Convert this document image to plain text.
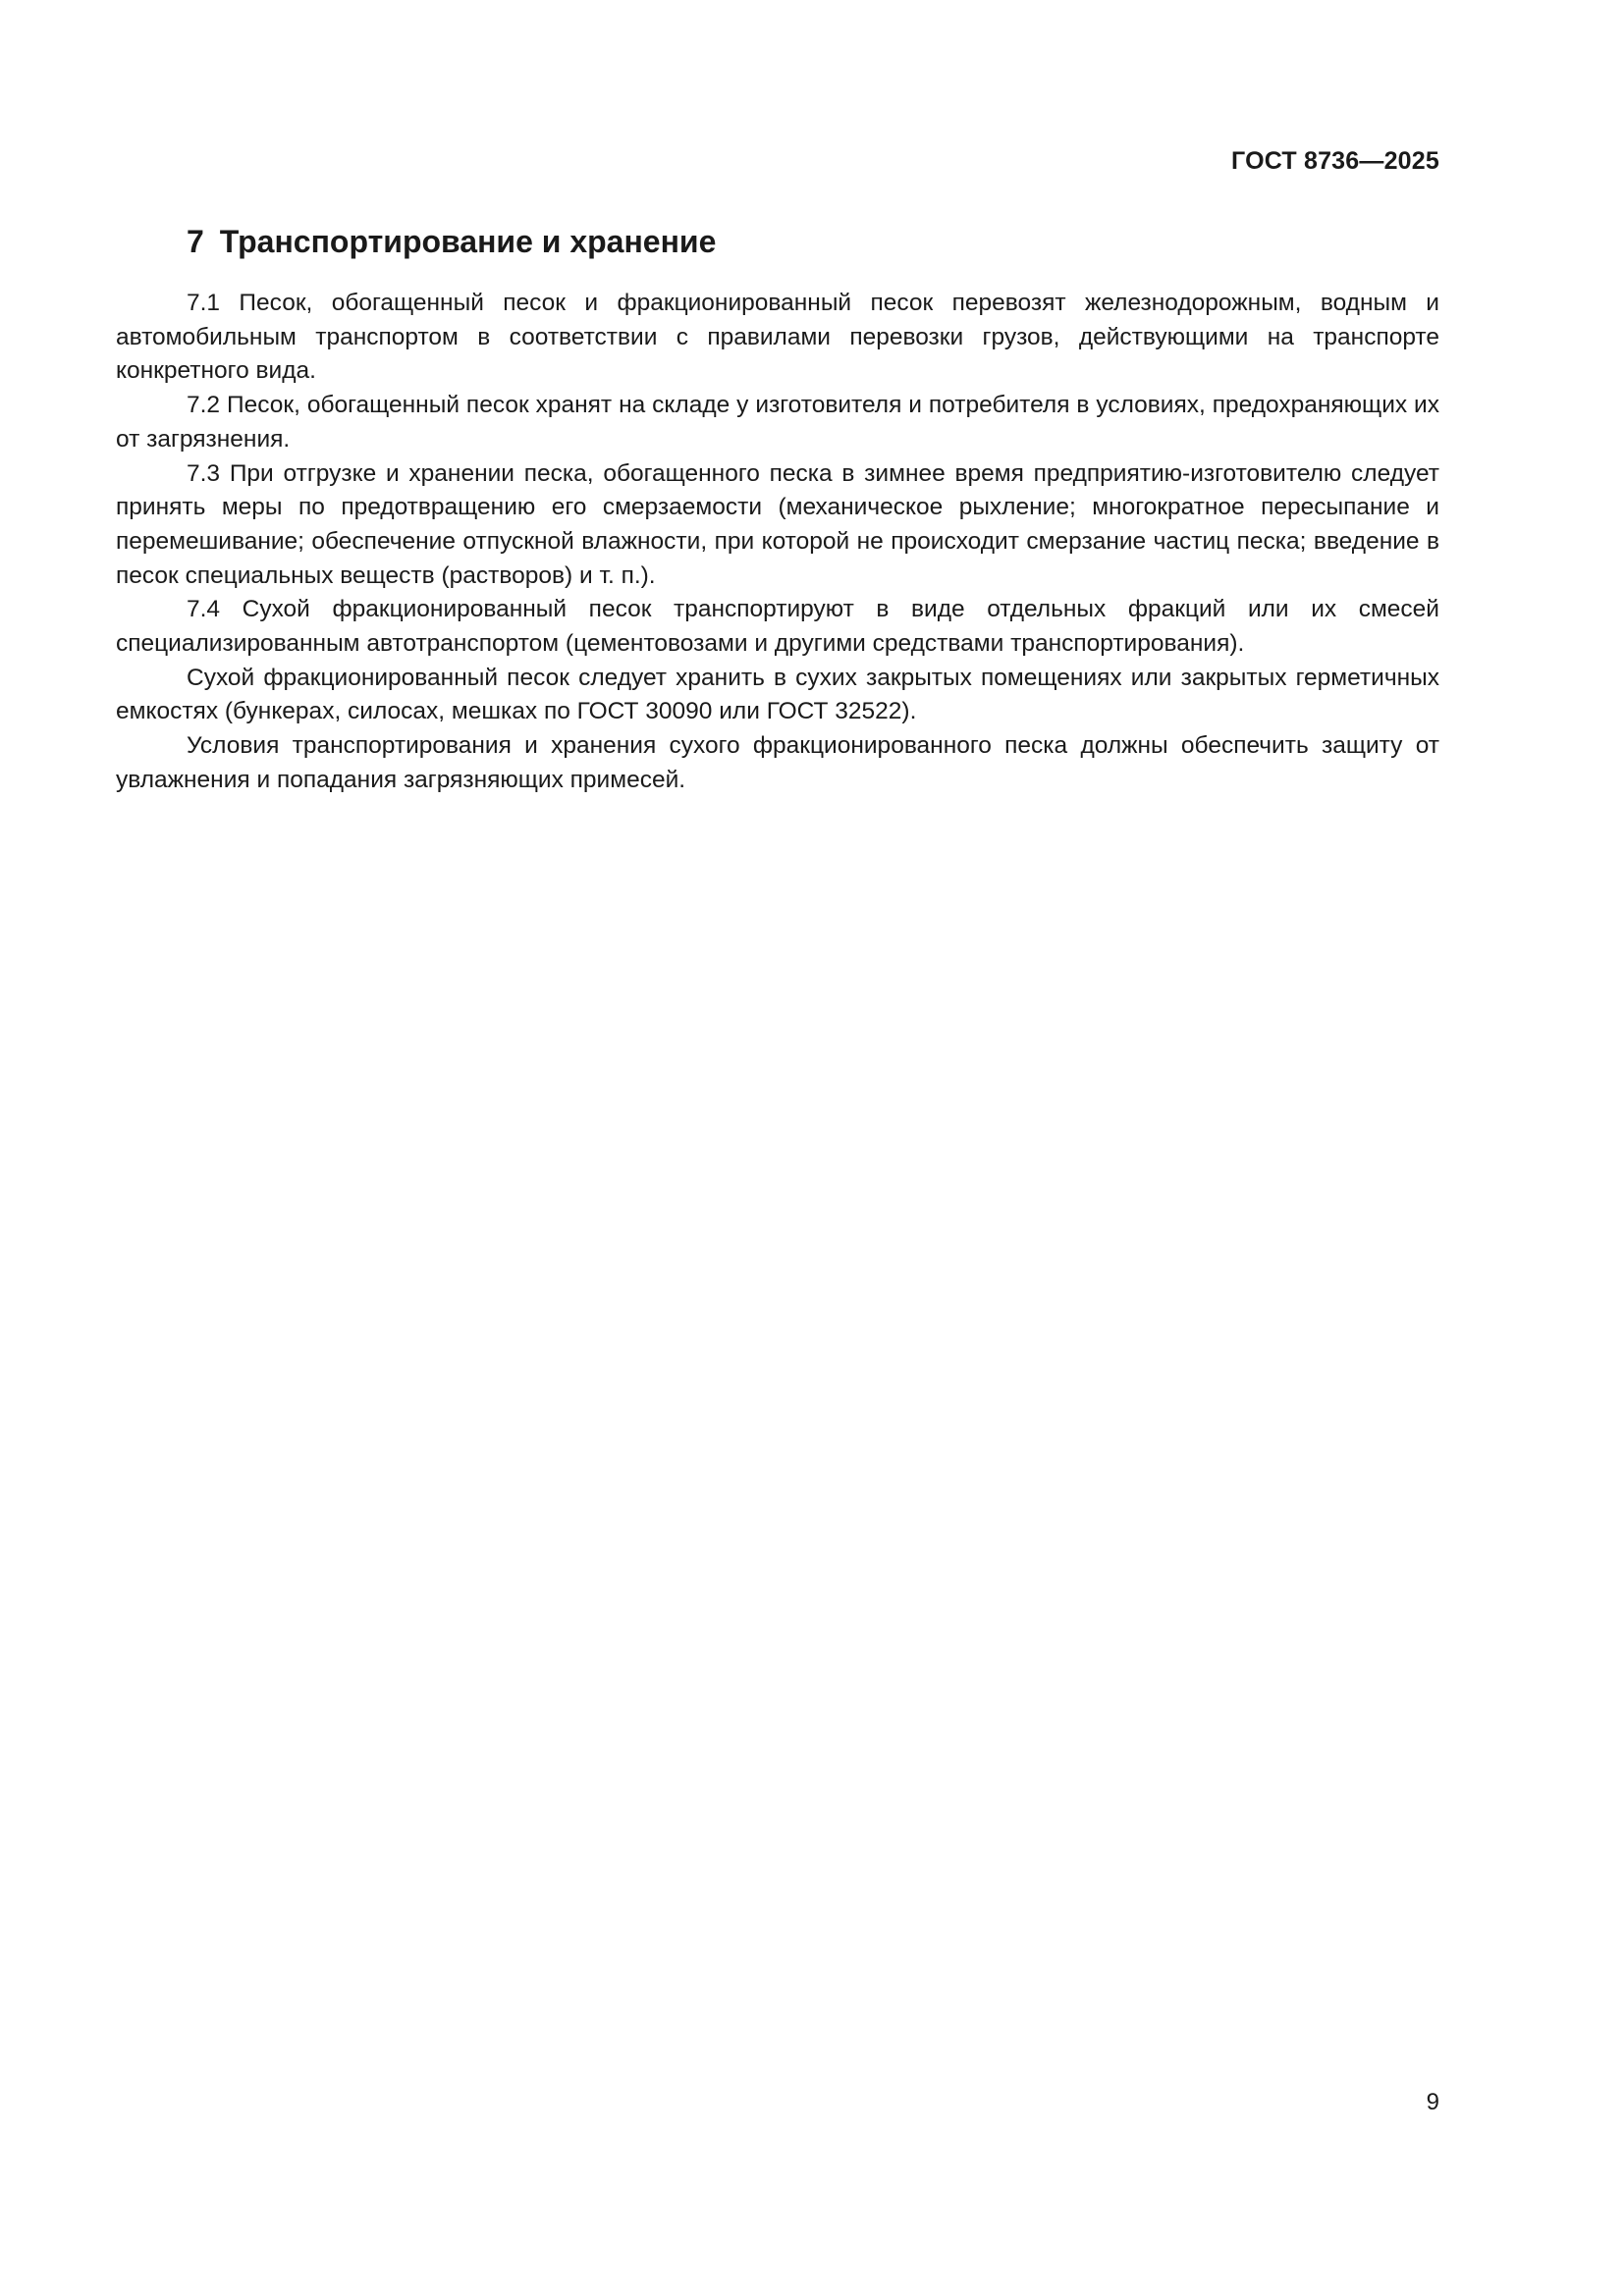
ГОСТ 8736—2025
7 Транспортирование и хранение

7.1 Песок, обогащенный песок и фракционированный песок перевозят железнодорожным, водным и автомобильным транспортом в соответствии с правилами перевозки грузов, действующими на транспорте конкретного вида.

7.2 Песок, обогащенный песок хранят на складе у изготовителя и потребителя в условиях, предохраняющих их от загрязнения.

7.3 При отгрузке и хранении песка, обогащенного песка в зимнее время предприятию-изготовителю следует принять меры по предотвращению его смерзаемости (механическое рыхление; многократное пересыпание и перемешивание; обеспечение отпускной влажности, при которой не происходит смерзание частиц песка; введение в песок специальных веществ (растворов) и т. п.).

7.4 Сухой фракционированный песок транспортируют в виде отдельных фракций или их смесей специализированным автотранспортом (цементовозами и другими средствами транспортирования).

Сухой фракционированный песок следует хранить в сухих закрытых помещениях или закрытых герметичных емкостях (бункерах, силосах, мешках по ГОСТ 30090 или ГОСТ 32522).

Условия транспортирования и хранения сухого фракционированного песка должны обеспечить защиту от увлажнения и попадания загрязняющих примесей.

9
